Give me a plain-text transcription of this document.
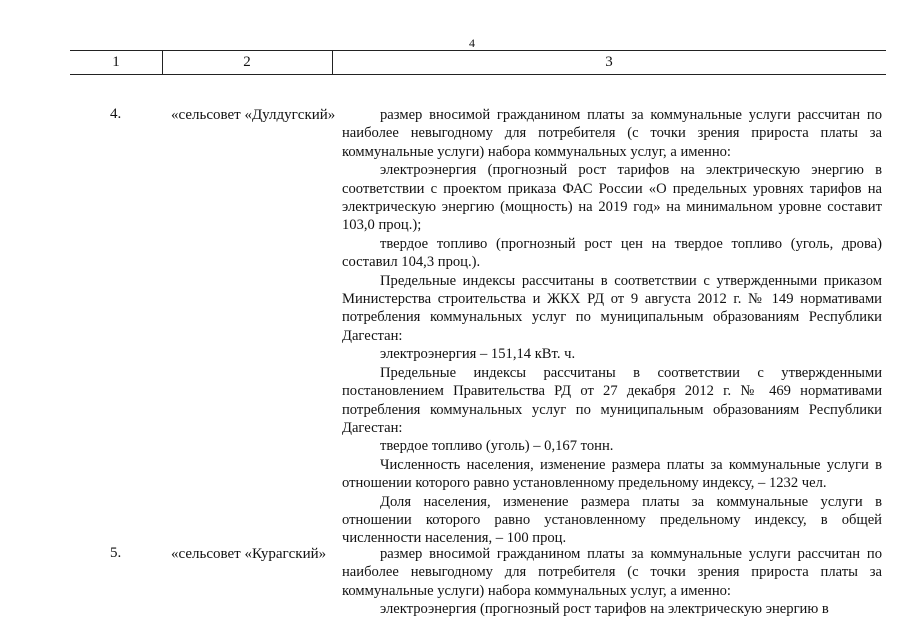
4
1	2	3
4.	«сельсовет «Дулдугский»	размер вносимой гражданином платы за коммунальные услуги рассчитан по наиболее невыгодному для потребителя (с точки зрения прироста платы за коммунальные услуги) набора коммунальных услуг, а именно:

электроэнергия (прогнозный рост тарифов на электрическую энергию в соответствии с проектом приказа ФАС России «О предельных уровнях тарифов на электрическую энергию (мощность) на 2019 год» на минимальном уровне составит 103,0 проц.);

твердое топливо (прогнозный рост цен на твердое топливо (уголь, дрова) составил 104,3 проц.).

Предельные индексы рассчитаны в соответствии с утвержденными приказом Министерства строительства и ЖКХ РД от 9 августа 2012 г. № 149 нормативами потребления коммунальных услуг по муниципальным образованиям Республики Дагестан:

электроэнергия – 151,14 кВт. ч.

Предельные индексы рассчитаны в соответствии с утвержденными постановлением Правительства РД от 27 декабря 2012 г. № 469 нормативами потребления коммунальных услуг по муниципальным образованиям Республики Дагестан:

твердое топливо (уголь) – 0,167 тонн.

Численность населения, изменение размера платы за коммунальные услуги в отношении которого равно установленному предельному индексу, – 1232 чел.

Доля населения, изменение размера платы за коммунальные услуги в отношении которого равно установленному предельному индексу, в общей численности населения, – 100 проц.

5.	«сельсовет «Курагский»	размер вносимой гражданином платы за коммунальные услуги рассчитан по наиболее невыгодному для потребителя (с точки зрения прироста платы за коммунальные услуги) набора коммунальных услуг, а именно:

электроэнергия (прогнозный рост тарифов на электрическую энергию в
